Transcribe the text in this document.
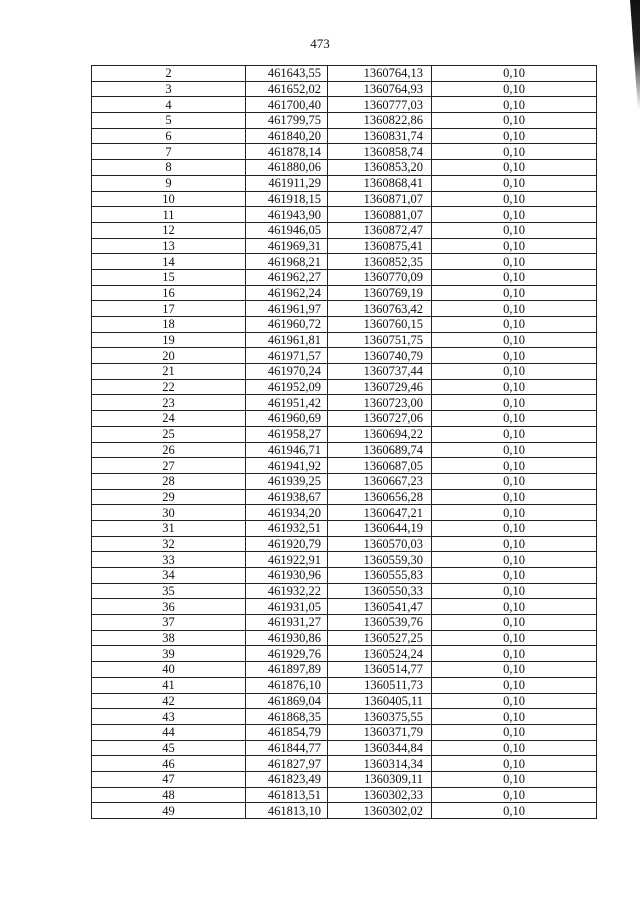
473
2	461643,55	1360764,13	0,10
3	461652,02	1360764,93	0,10
4	461700,40	1360777,03	0,10
5	461799,75	1360822,86	0,10
6	461840,20	1360831,74	0,10
7	461878,14	1360858,74	0,10
8	461880,06	1360853,20	0,10
9	461911,29	1360868,41	0,10
10	461918,15	1360871,07	0,10
11	461943,90	1360881,07	0,10
12	461946,05	1360872,47	0,10
13	461969,31	1360875,41	0,10
14	461968,21	1360852,35	0,10
15	461962,27	1360770,09	0,10
16	461962,24	1360769,19	0,10
17	461961,97	1360763,42	0,10
18	461960,72	1360760,15	0,10
19	461961,81	1360751,75	0,10
20	461971,57	1360740,79	0,10
21	461970,24	1360737,44	0,10
22	461952,09	1360729,46	0,10
23	461951,42	1360723,00	0,10
24	461960,69	1360727,06	0,10
25	461958,27	1360694,22	0,10
26	461946,71	1360689,74	0,10
27	461941,92	1360687,05	0,10
28	461939,25	1360667,23	0,10
29	461938,67	1360656,28	0,10
30	461934,20	1360647,21	0,10
31	461932,51	1360644,19	0,10
32	461920,79	1360570,03	0,10
33	461922,91	1360559,30	0,10
34	461930,96	1360555,83	0,10
35	461932,22	1360550,33	0,10
36	461931,05	1360541,47	0,10
37	461931,27	1360539,76	0,10
38	461930,86	1360527,25	0,10
39	461929,76	1360524,24	0,10
40	461897,89	1360514,77	0,10
41	461876,10	1360511,73	0,10
42	461869,04	1360405,11	0,10
43	461868,35	1360375,55	0,10
44	461854,79	1360371,79	0,10
45	461844,77	1360344,84	0,10
46	461827,97	1360314,34	0,10
47	461823,49	1360309,11	0,10
48	461813,51	1360302,33	0,10
49	461813,10	1360302,02	0,10
